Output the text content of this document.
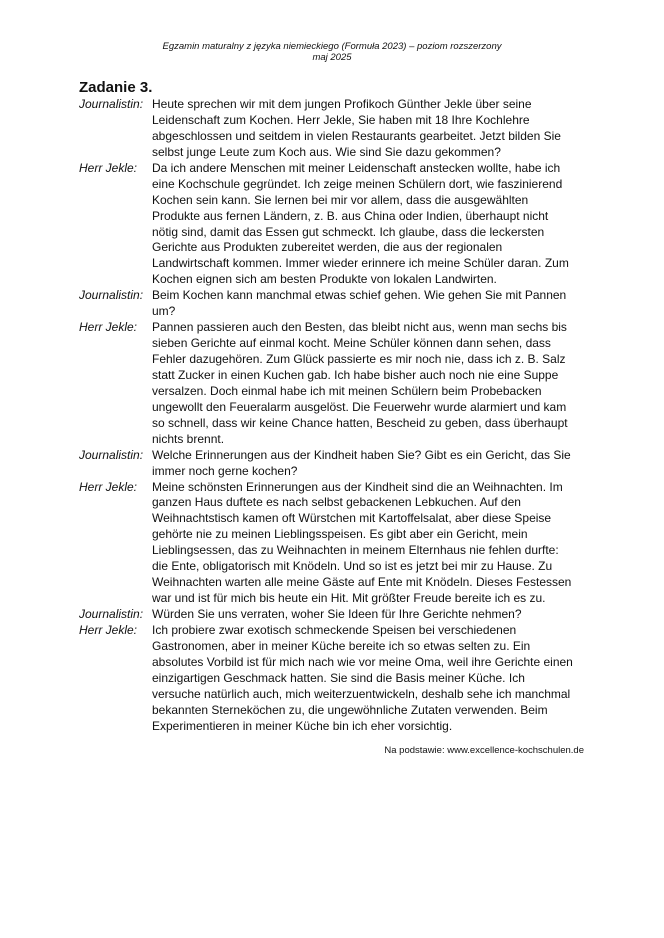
Egzamin maturalny z języka niemieckiego (Formuła 2023) – poziom rozszerzony
maj 2025
Zadanie 3.
Journalistin: Heute sprechen wir mit dem jungen Profikoch Günther Jekle über seine
Leidenschaft zum Kochen. Herr Jekle, Sie haben mit 18 Ihre Kochlehre
abgeschlossen und seitdem in vielen Restaurants gearbeitet. Jetzt bilden Sie
selbst junge Leute zum Koch aus. Wie sind Sie dazu gekommen?
Herr Jekle:	Da ich andere Menschen mit meiner Leidenschaft anstecken wollte, habe ich
eine Kochschule gegründet. Ich zeige meinen Schülern dort, wie faszinierend
Kochen sein kann. Sie lernen bei mir vor allem, dass die ausgewählten
Produkte aus fernen Ländern, z. B. aus China oder Indien, überhaupt nicht
nötig sind, damit das Essen gut schmeckt. Ich glaube, dass die leckersten
Gerichte aus Produkten zubereitet werden, die aus der regionalen
Landwirtschaft kommen. Immer wieder erinnere ich meine Schüler daran. Zum
Kochen eignen sich am besten Produkte von lokalen Landwirten.
Journalistin: Beim Kochen kann manchmal etwas schief gehen. Wie gehen Sie mit Pannen
um?
Herr Jekle:	Pannen passieren auch den Besten, das bleibt nicht aus, wenn man sechs bis
sieben Gerichte auf einmal kocht. Meine Schüler können dann sehen, dass
Fehler dazugehören. Zum Glück passierte es mir noch nie, dass ich z. B. Salz
statt Zucker in einen Kuchen gab. Ich habe bisher auch noch nie eine Suppe
versalzen. Doch einmal habe ich mit meinen Schülern beim Probebacken
ungewollt den Feueralarm ausgelöst. Die Feuerwehr wurde alarmiert und kam
so schnell, dass wir keine Chance hatten, Bescheid zu geben, dass überhaupt
nichts brennt.
Journalistin: Welche Erinnerungen aus der Kindheit haben Sie? Gibt es ein Gericht, das Sie
immer noch gerne kochen?
Herr Jekle:	Meine schönsten Erinnerungen aus der Kindheit sind die an Weihnachten. Im
ganzen Haus duftete es nach selbst gebackenen Lebkuchen. Auf den
Weihnachtstisch kamen oft Würstchen mit Kartoffelsalat, aber diese Speise
gehörte nie zu meinen Lieblingsspeisen. Es gibt aber ein Gericht, mein
Lieblingsessen, das zu Weihnachten in meinem Elternhaus nie fehlen durfte:
die Ente, obligatorisch mit Knödeln. Und so ist es jetzt bei mir zu Hause. Zu
Weihnachten warten alle meine Gäste auf Ente mit Knödeln. Dieses Festessen
war und ist für mich bis heute ein Hit. Mit größter Freude bereite ich es zu.
Journalistin: Würden Sie uns verraten, woher Sie Ideen für Ihre Gerichte nehmen?
Herr Jekle:	Ich probiere zwar exotisch schmeckende Speisen bei verschiedenen
Gastronomen, aber in meiner Küche bereite ich so etwas selten zu. Ein
absolutes Vorbild ist für mich nach wie vor meine Oma, weil ihre Gerichte einen
einzigartigen Geschmack hatten. Sie sind die Basis meiner Küche. Ich
versuche natürlich auch, mich weiterzuentwickeln, deshalb sehe ich manchmal
bekannten Sterneköchen zu, die ungewöhnliche Zutaten verwenden. Beim
Experimentieren in meiner Küche bin ich eher vorsichtig.
Na podstawie: www.excellence-kochschulen.de
